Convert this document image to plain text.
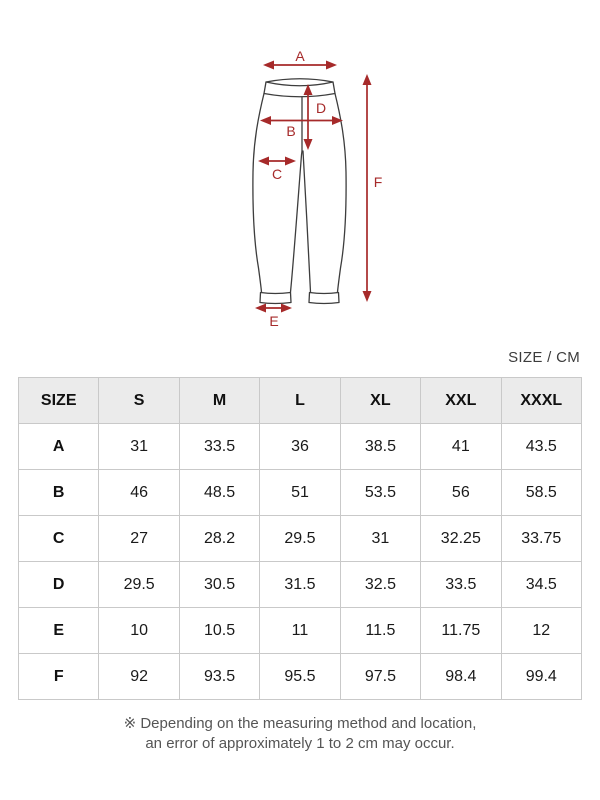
A
D
B
C	F
E
SIZE / CM
SIZE	S	M	L	XL	XXL	XXXL
A	31	33.5	36	38.5	41	43.5
B	46	48.5	51	53.5	56	58.5
C	27	28.2	29.5	31	32.25	33.75
D	29.5	30.5	31.5	32.5	33.5	34.5
E	10	10.5	11	11.5	11.75	12
F	92	93.5	95.5	97.5	98.4	99.4
※ Depending on the measuring method and location,
an error of approximately 1 to 2 cm may occur.
